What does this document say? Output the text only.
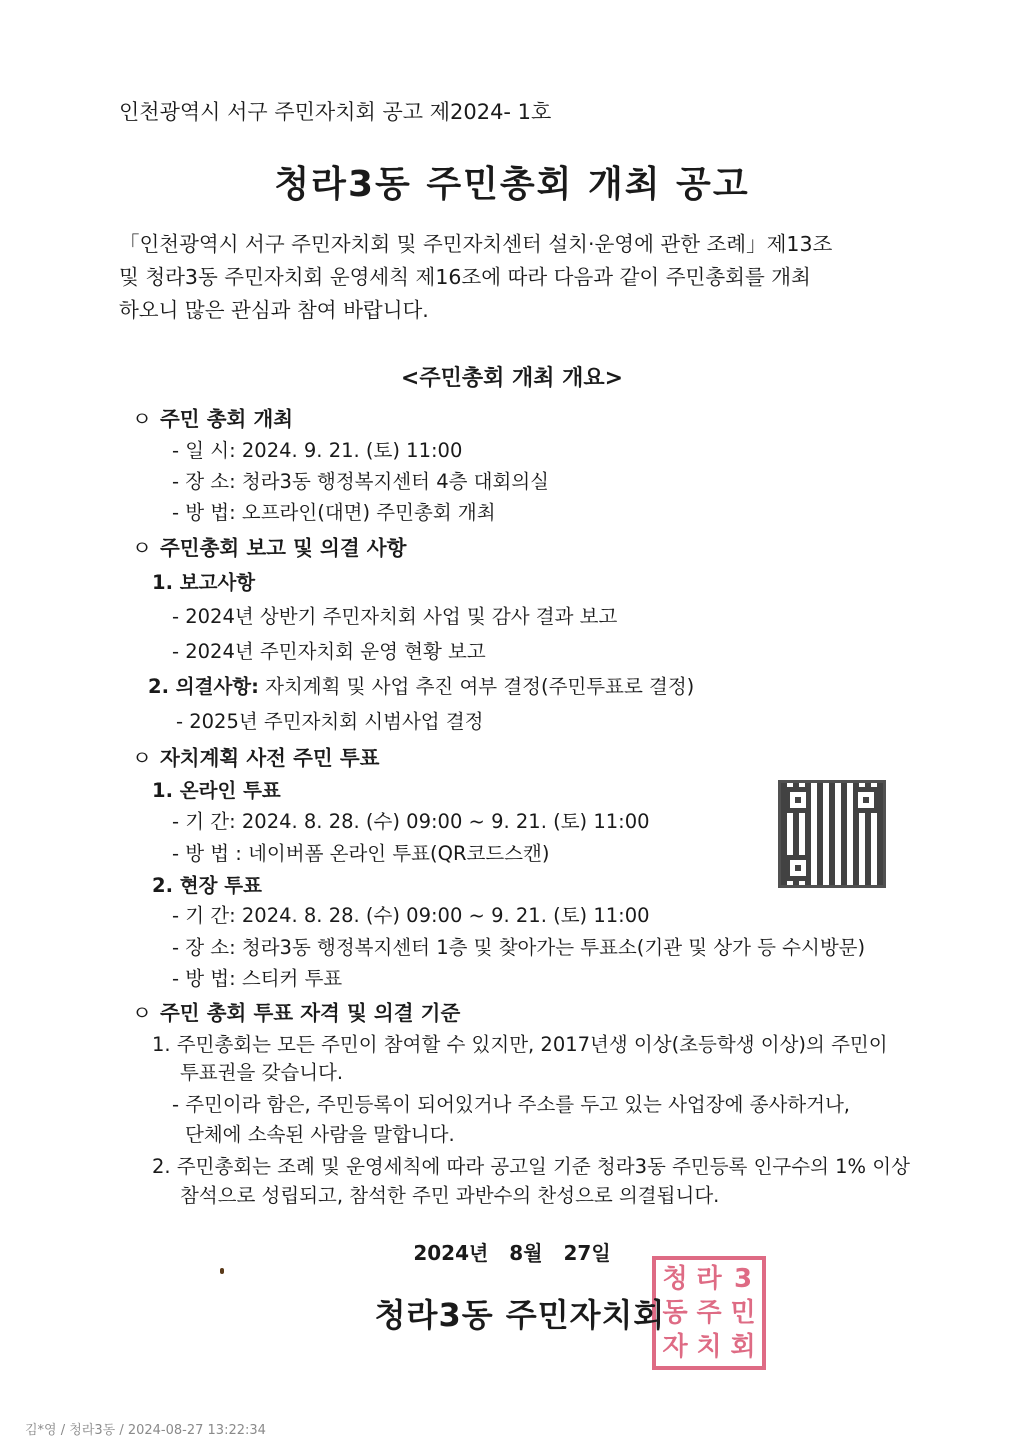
인천광역시 서구 주민자치회 공고 제2024- 1호
청라3동 주민총회 개최 공고
「인천광역시 서구 주민자치회 및 주민자치센터 설치·운영에 관한 조례」제13조
및 청라3동 주민자치회 운영세칙 제16조에 따라 다음과 같이 주민총회를 개최
하오니 많은 관심과 참여 바랍니다.
<주민총회 개최 개요>
ㅇ 주민 총회 개최
- 일 시: 2024. 9. 21. (토) 11:00
- 장 소: 청라3동 행정복지센터 4층 대회의실
- 방 법: 오프라인(대면) 주민총회 개최
ㅇ 주민총회 보고 및 의결 사항
1. 보고사항
- 2024년 상반기 주민자치회 사업 및 감사 결과 보고
- 2024년 주민자치회 운영 현황 보고
2. 의결사항: 자치계획 및 사업 추진 여부 결정(주민투표로 결정)
- 2025년 주민자치회 시범사업 결정
ㅇ 자치계획 사전 주민 투표
1. 온라인 투표
- 기 간: 2024. 8. 28. (수) 09:00 ~ 9. 21. (토) 11:00
- 방 법 : 네이버폼 온라인 투표(QR코드스캔)
2. 현장 투표
- 기 간: 2024. 8. 28. (수) 09:00 ~ 9. 21. (토) 11:00
- 장 소: 청라3동 행정복지센터 1층 및 찾아가는 투표소(기관 및 상가 등 수시방문)
- 방 법: 스티커 투표
ㅇ 주민 총회 투표 자격 및 의결 기준
1. 주민총회는 모든 주민이 참여할 수 있지만, 2017년생 이상(초등학생 이상)의 주민이
투표권을 갖습니다.
- 주민이라 함은, 주민등록이 되어있거나 주소를 두고 있는 사업장에 종사하거나,
단체에 소속된 사람을 말합니다.
2. 주민총회는 조례 및 운영세칙에 따라 공고일 기준 청라3동 주민등록 인구수의 1% 이상
참석으로 성립되고, 참석한 주민 과반수의 찬성으로 의결됩니다.
2024년 8월 27일
청 라 3
동 주 민
자 치 회
청라3동 주민자치회
김*영 / 청라3동 / 2024-08-27 13:22:34
